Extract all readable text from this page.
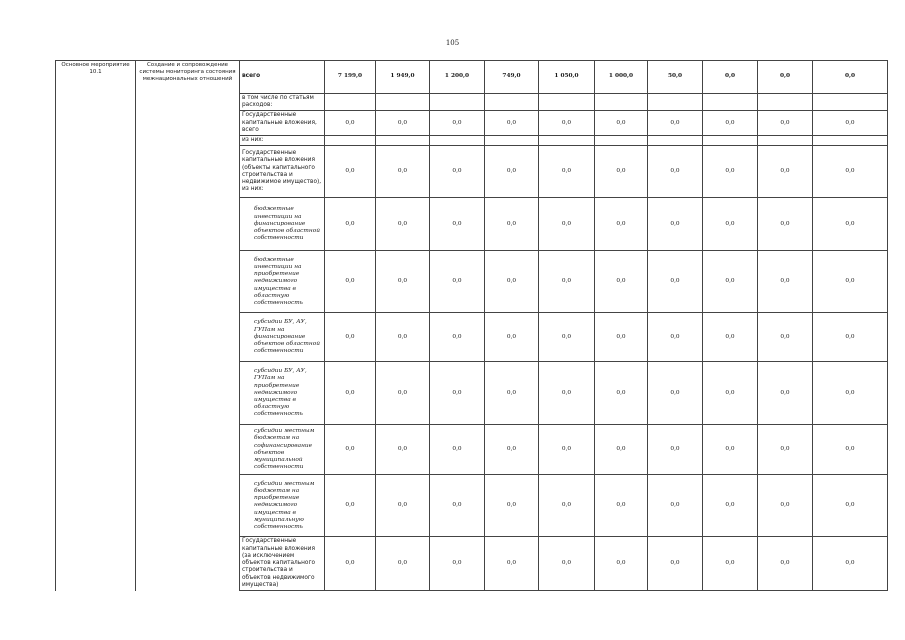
105
Основное мероприятие 10.1	Создание и сопровождение системы мониторинга состояния межнациональных отношений	всего	7 199,0	1 949,0	1 200,0	749,0	1 050,0	1 000,0	50,0	0,0	0,0	0,0
		в том числе по статьям расходов:										
		Государственные капитальные вложения, всего	0,0	0,0	0,0	0,0	0,0	0,0	0,0	0,0	0,0	0,0
		из них:										
		Государственные капитальные вложения (объекты капитального строительства и недвижимое имущество), из них:	0,0	0,0	0,0	0,0	0,0	0,0	0,0	0,0	0,0	0,0
		бюджетные инвестиции на финансирование объектов областной собственности	0,0	0,0	0,0	0,0	0,0	0,0	0,0	0,0	0,0	0,0
		бюджетные инвестиции на приобретение недвижимого имущества в областную собственность	0,0	0,0	0,0	0,0	0,0	0,0	0,0	0,0	0,0	0,0
		субсидии БУ, АУ, ГУПам на финансирование объектов областной собственности	0,0	0,0	0,0	0,0	0,0	0,0	0,0	0,0	0,0	0,0
		субсидии БУ, АУ, ГУПам на приобретение недвижимого имущества в областную собственность	0,0	0,0	0,0	0,0	0,0	0,0	0,0	0,0	0,0	0,0
		субсидии местным бюджетам на софинансирование объектов муниципальной собственности	0,0	0,0	0,0	0,0	0,0	0,0	0,0	0,0	0,0	0,0
		субсидии местным бюджетам на приобретение недвижимого имущества в муниципальную собственность	0,0	0,0	0,0	0,0	0,0	0,0	0,0	0,0	0,0	0,0
		Государственные капитальные вложения (за исключением объектов капитального строительства и объектов недвижимого имущества)	0,0	0,0	0,0	0,0	0,0	0,0	0,0	0,0	0,0	0,0
